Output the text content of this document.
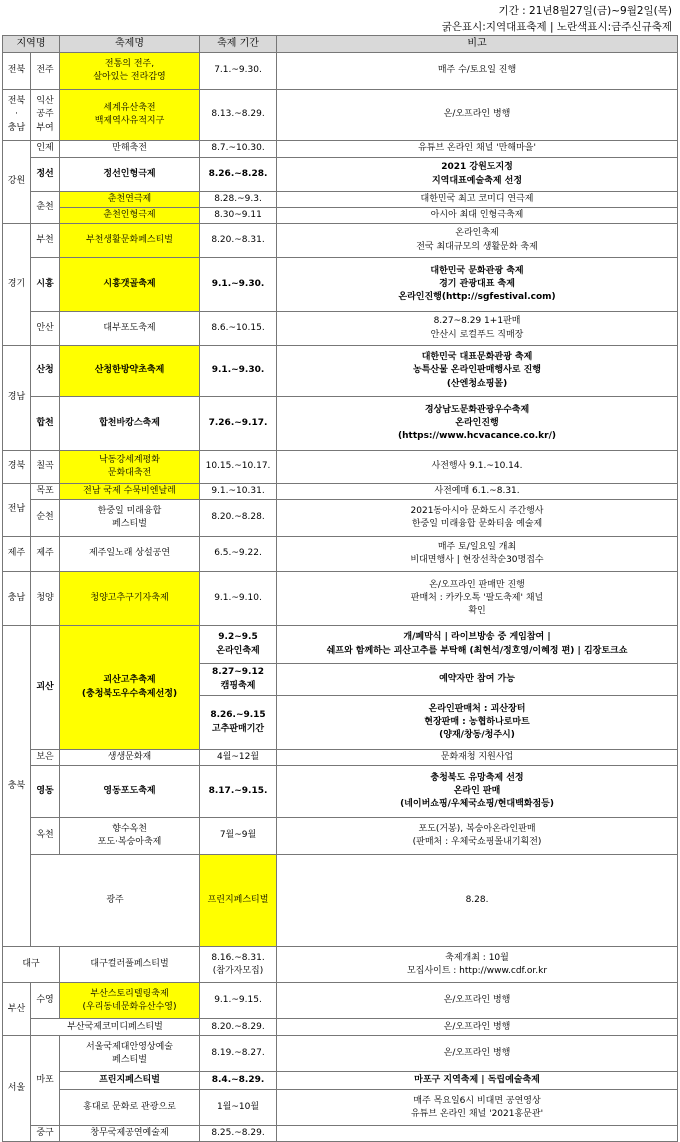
기간 : 21년8월27일(금)~9월2일(목)
굵은표시:지역대표축제 | 노란색표시:금주신규축제
지역명		축제명	축제 기간	비고	
전북	전주	전통의 전주,
살아있는 전라감영	7.1.~9.30.	매주 수/토요일 진행	

전북
·
충남	익산
공주
부여	세계유산축전
백제역사유적지구	8.13.~8.29.	온/오프라인 병행	
강원	인제	만해축전	8.7.~10.30.	유튜브 온라인 채널 '만해마을'	
	정선	정선인형극제	8.26.~8.28.	2021 강원도지정
지역대표예술축제 선정	

	춘천	춘천연극제	8.28.~9.3.	대한민국 최고 코미디 연극제	
		춘천인형극제	8.30~9.11	아시아 최대 인형극축제	
경기	부천	부천생활문화페스티벌	8.20.~8.31.	온라인축제
전국 최대규모의 생활문화 축제	

	시흥	시흥갯골축제	9.1.~9.30.	대한민국 문화관광 축제
경기 관광대표 축제
온라인진행(http://sgfestival.com)	

	안산	대부포도축제	8.6.~10.15.	8.27~8.29 1+1판매
안산시 로컬푸드 직매장	

경남	산청	산청한방약초축제	9.1.~9.30.	대한민국 대표문화관광 축제
농특산물 온라인판매행사로 진행
(산엔청쇼핑몰)	

	합천	합천바캉스축제	7.26.~9.17.	경상남도문화관광우수축제
온라인진행
(https://www.hcvacance.co.kr/)	

경북	칠곡	낙동강세계평화
문화대축전	10.15.~10.17.	사전행사 9.1.~10.14.	
전남	목포	전남 국제 수묵비엔날레	9.1.~10.31.	사전예매 6.1.~8.31.	
	순천	한중일 미래융합
페스티벌	8.20.~8.28.	2021동아시아 문화도시 주간행사
한중일 미래융합 문화티움 예술제	

제주	제주	제주일노래 상설공연	6.5.~9.22.	매주 토/일요일 개최
비대면행사 | 현장선착순30명접수	

충남	청양	청양고추구기자축제	9.1.~9.10.	온/오프라인 판매만 진행
판매처 : 카카오톡 '팔도축제' 채널
확인	

충북	괴산	괴산고추축제
(충청북도우수축제선정)	9.2~9.5
온라인축제	개/폐막식 | 라이브방송 중 게임참여 |
쉐프와 함께하는 괴산고추를 부탁해 (최현석/정호영/이혜정 편) | 김장토크쇼	

			8.27~9.12
캠핑축제	예약자만 참여 가능	

			8.26.~9.15
고추판매기간	온라인판매처 : 괴산장터
현장판매 : 농협하나로마트
(양재/창동/청주시)	

	보은	생생문화재	4월~12월	문화재청 지원사업	
	영동	영동포도축제	8.17.~9.15.	충청북도 유망축제 선정
온라인 판매
(네이버쇼핑/우체국쇼핑/현대백화점등)	

	옥천	향수옥천
포도·복숭아축제	7월~9월	포도(거봉), 복숭아온라인판매
(판매처 : 우체국쇼핑몰내기획전)	

	광주		프린지페스티벌	8.28.	
대구		대구컬러풀페스티벌	8.16.~8.31.
(참가자모집)	축제개최 : 10월
모집사이트 : http://www.cdf.or.kr	

부산	수영	부산스토리텔링축제
(우리동네문화유산수영)	9.1.~9.15.	온/오프라인 병행	
	부산국제코미디페스티벌		8.20.~8.29.	온/오프라인 병행	
서울	마포	서울국제대안영상예술
페스티벌	8.19.~8.27.	온/오프라인 병행	
		프린지페스티벌	8.4.~8.29.	마포구 지역축제 | 독립예술축제	
		홍대로 문화로 관광으로	1월~10월	매주 목요일6시 비대면 공연영상
유튜브 온라인 채널 '2021홍문관'	

	중구	창무국제공연예술제	8.25.~8.29.		
